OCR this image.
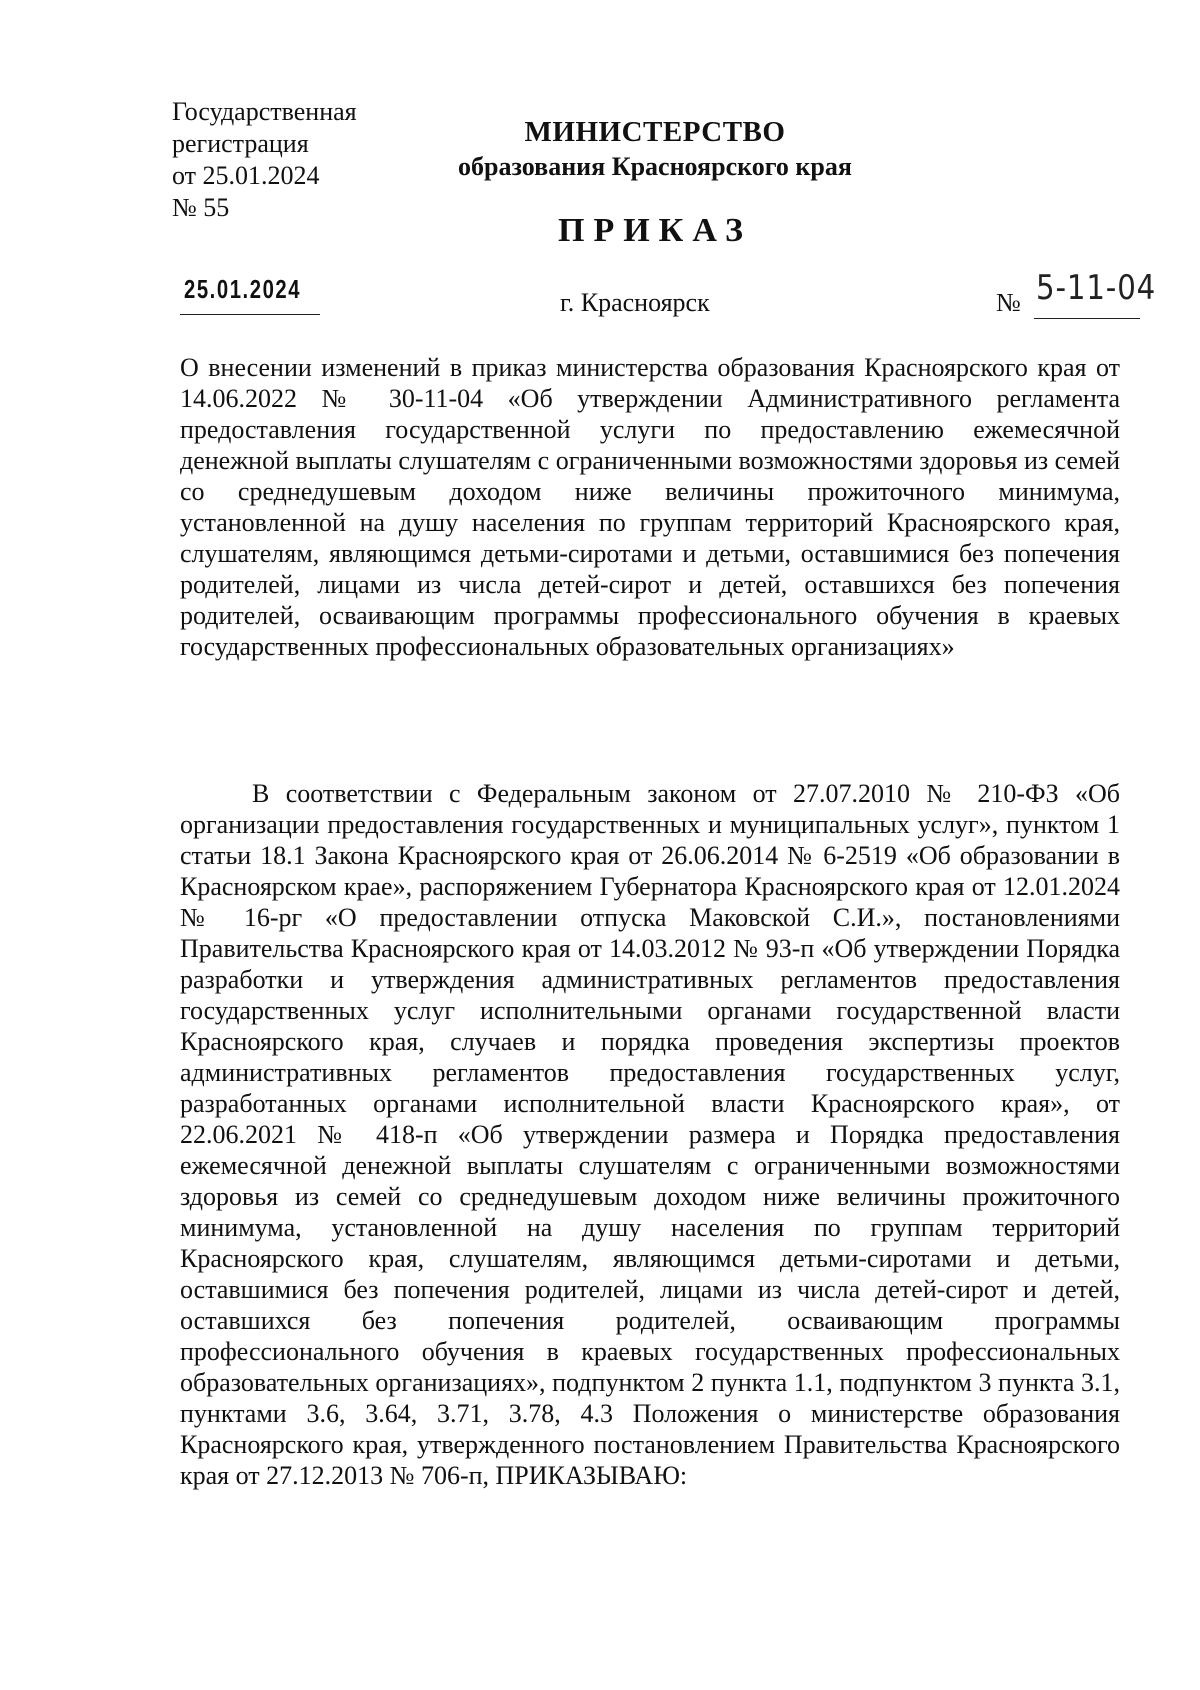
Государственная
регистрация
от 25.01.2024
№ 55
МИНИСТЕРСТВО
образования Красноярского края
ПРИКАЗ
25.01.2024	г. Красноярск	№ 5-11-04
О внесении изменений в приказ министерства образования Красноярского края от 14.06.2022 № 30-11-04 «Об утверждении Административного регламента предоставления государственной услуги по предоставлению ежемесячной денежной выплаты слушателям с ограниченными возможностями здоровья из семей со среднедушевым доходом ниже величины прожиточного минимума, установленной на душу населения по группам территорий Красноярского края, слушателям, являющимся детьми-сиротами и детьми, оставшимися без попечения родителей, лицами из числа детей-сирот и детей, оставшихся без попечения родителей, осваивающим программы профессионального обучения в краевых государственных профессиональных образовательных организациях»
В соответствии с Федеральным законом от 27.07.2010 № 210-ФЗ «Об организации предоставления государственных и муниципальных услуг», пунктом 1 статьи 18.1 Закона Красноярского края от 26.06.2014 № 6-2519 «Об образовании в Красноярском крае», распоряжением Губернатора Красноярского края от 12.01.2024 № 16-рг «О предоставлении отпуска Маковской С.И.», постановлениями Правительства Красноярского края от 14.03.2012 № 93-п «Об утверждении Порядка разработки и утверждения административных регламентов предоставления государственных услуг исполнительными органами государственной власти Красноярского края, случаев и порядка проведения экспертизы проектов административных регламентов предоставления государственных услуг, разработанных органами исполнительной власти Красноярского края», от 22.06.2021 № 418-п «Об утверждении размера и Порядка предоставления ежемесячной денежной выплаты слушателям с ограниченными возможностями здоровья из семей со среднедушевым доходом ниже величины прожиточного минимума, установленной на душу населения по группам территорий Красноярского края, слушателям, являющимся детьми-сиротами и детьми, оставшимися без попечения родителей, лицами из числа детей-сирот и детей, оставшихся без попечения родителей, осваивающим программы профессионального обучения в краевых государственных профессиональных образовательных организациях», подпунктом 2 пункта 1.1, подпунктом 3 пункта 3.1, пунктами 3.6, 3.64, 3.71, 3.78, 4.3 Положения о министерстве образования Красноярского края, утвержденного постановлением Правительства Красноярского края от 27.12.2013 № 706-п, ПРИКАЗЫВАЮ:
